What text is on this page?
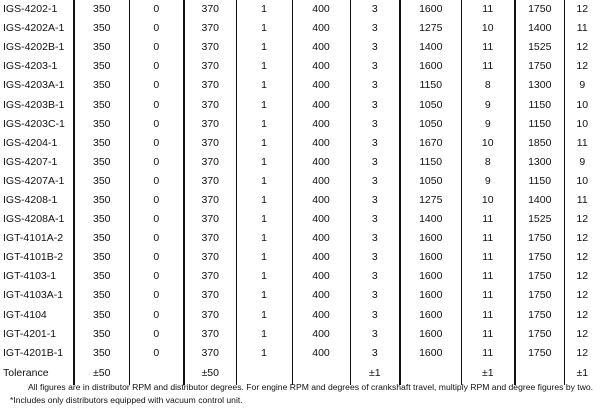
IGS-4202-1	350	0	370	1	400	3	1600	11	1750	12
IGS-4202A-1	350	0	370	1	400	3	1275	10	1400	11
IGS-4202B-1	350	0	370	1	400	3	1400	11	1525	12
IGS-4203-1	350	0	370	1	400	3	1600	11	1750	12
IGS-4203A-1	350	0	370	1	400	3	1150	8	1300	9
IGS-4203B-1	350	0	370	1	400	3	1050	9	1150	10
IGS-4203C-1	350	0	370	1	400	3	1050	9	1150	10
IGS-4204-1	350	0	370	1	400	3	1670	10	1850	11
IGS-4207-1	350	0	370	1	400	3	1150	8	1300	9
IGS-4207A-1	350	0	370	1	400	3	1050	9	1150	10
IGS-4208-1	350	0	370	1	400	3	1275	10	1400	11
IGS-4208A-1	350	0	370	1	400	3	1400	11	1525	12
IGT-4101A-2	350	0	370	1	400	3	1600	11	1750	12
IGT-4101B-2	350	0	370	1	400	3	1600	11	1750	12
IGT-4103-1	350	0	370	1	400	3	1600	11	1750	12
IGT-4103A-1	350	0	370	1	400	3	1600	11	1750	12
IGT-4104	350	0	370	1	400	3	1600	11	1750	12
IGT-4201-1	350	0	370	1	400	3	1600	11	1750	12
IGT-4201B-1	350	0	370	1	400	3	1600	11	1750	12
Tolerance	±50		±50			±1		±1		±1
All figures are in distributor RPM and distributor degrees. For engine RPM and degrees of crankshaft travel, multiply RPM and degree figures by two.
*Includes only distributors equipped with vacuum control unit.
